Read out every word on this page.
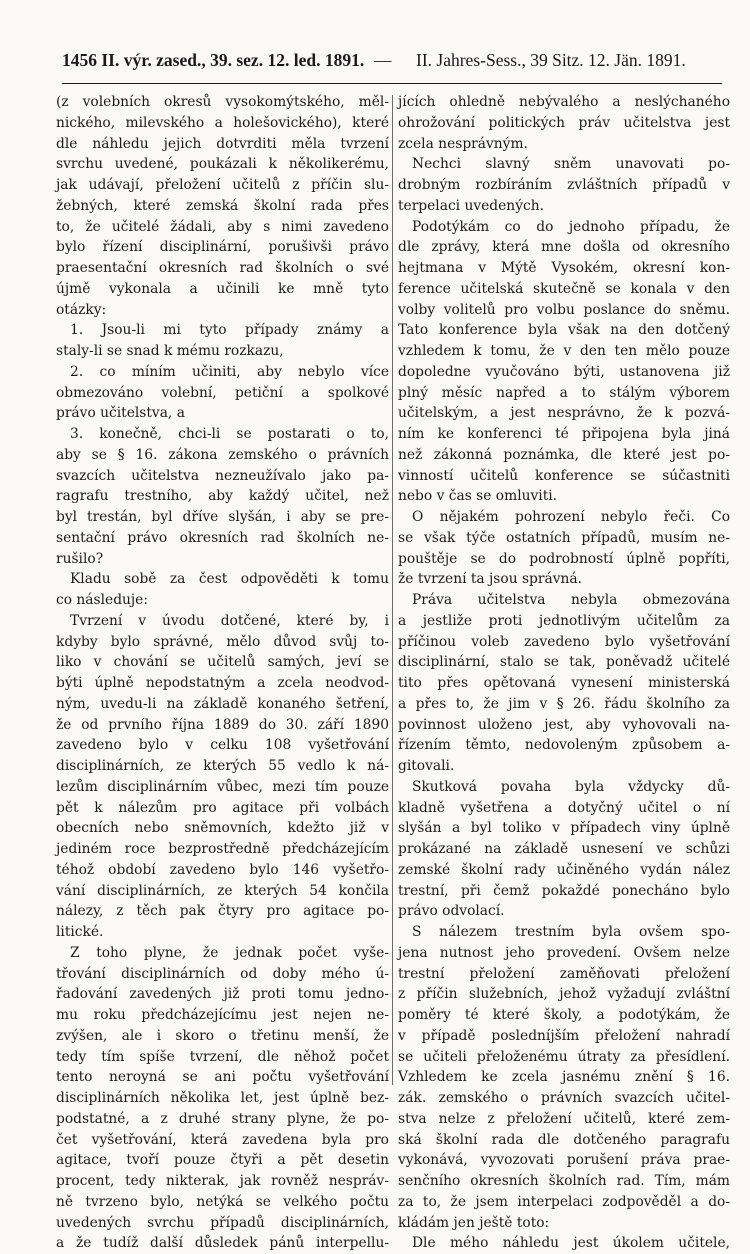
1456 II. výr. zased., 39. sez. 12. led. 1891. — II. Jahres-Sess., 39 Sitz. 12. Jän. 1891.
(z volebních okresů vysokomýtského, měl-
nického, milevského a holešovického), které
dle náhledu jejich dotvrditi měla tvrzení
svrchu uvedené, poukázali k několikerému,
jak udávají, přeložení učitelů z příčin slu-
žebných, které zemská školní rada přes
to, že učitelé žádali, aby s nimi zavedeno
bylo řízení disciplinární, porušivši právo
praesentační okresních rad školních o své
újmě vykonala a učinili ke mně tyto
otázky:
1. Jsou-li mi tyto případy známy a
staly-li se snad k mému rozkazu,
2. co míním učiniti, aby nebylo více
obmezováno volební, petiční a spolkové
právo učitelstva, a
3. konečně, chci-li se postarati o to,
aby se § 16. zákona zemského o právních
svazcích učitelstva nezneužívalo jako pa-
ragrafu trestního, aby každý učitel, než
byl trestán, byl dříve slyšán, i aby se pre-
sentační právo okresních rad školních ne-
rušilo?
Kladu sobě za čest odpověděti k tomu
co následuje:
Tvrzení v úvodu dotčené, které by, i
kdyby bylo správné, mělo důvod svůj to-
liko v chování se učitelů samých, jeví se
býti úplně nepodstatným a zcela neodvod-
ným, uvedu-li na základě konaného šetření,
že od prvního října 1889 do 30. září 1890
zavedeno bylo v celku 108 vyšetřování
disciplinárních, ze kterých 55 vedlo k ná-
lezům disciplinárním vůbec, mezi tím pouze
pět k nálezům pro agitace při volbách
obecních nebo sněmovních, kdežto již v
jediném roce bezprostředně předcházejícím
téhož období zavedeno bylo 146 vyšetřo-
vání disciplinárních, ze kterých 54 končila
nálezy, z těch pak čtyry pro agitace po-
litické.
Z toho plyne, že jednak počet vyše-
třování disciplinárních od doby mého ú-
řadování zavedených již proti tomu jedno-
mu roku předcházejícímu jest nejen ne-
zvýšen, ale i skoro o třetinu menší, že
tedy tím spíše tvrzení, dle něhož počet
tento neroyná se ani počtu vyšetřování
disciplinárních několika let, jest úplně bez-
podstatné, a z druhé strany plyne, že po-
čet vyšetřování, která zavedena byla pro
agitace, tvoří pouze čtyři a pět desetin
procent, tedy nikterak, jak rovněž nespráv-
ně tvrzeno bylo, netýká se velkého počtu
uvedených svrchu případů disciplinárních,
a že tudíž další důsledek pánů interpellu-
jících ohledně nebývalého a neslýchaného
ohrožování politických práv učitelstva jest
zcela nesprávným.
Nechci slavný sněm unavovati po-
drobným rozbíráním zvláštních případů v
terpelaci uvedených.
Podotýkám co do jednoho případu, že
dle zprávy, která mne došla od okresního
hejtmana v Mýtě Vysokém, okresní kon-
ference učitelská skutečně se konala v den
volby volitelů pro volbu poslance do sněmu.
Tato konference byla však na den dotčený
vzhledem k tomu, že v den ten mělo pouze
dopoledne vyučováno býti, ustanovena již
plný měsíc napřed a to stálým výborem
učitelským, a jest nesprávno, že k pozvá-
ním ke konferenci té připojena byla jiná
než zákonná poznámka, dle které jest po-
vinností učitelů konference se súčastniti
nebo v čas se omluviti.
O nějakém pohrození nebylo řeči. Co
se však týče ostatních případů, musím ne-
pouštěje se do podrobností úplně popříti,
že tvrzení ta jsou správná.
Práva učitelstva nebyla obmezována
a jestliže proti jednotlivým učitelům za
příčinou voleb zavedeno bylo vyšetřování
disciplinární, stalo se tak, poněvadž učitelé
tito přes opětovaná vynesení ministerská
a přes to, že jim v § 26. řádu školního za
povinnost uloženo jest, aby vyhovovali na-
řízením těmto, nedovoleným způsobem a-
gitovali.
Skutková povaha byla vždycky dů-
kladně vyšetřena a dotyčný učitel o ní
slyšán a byl toliko v případech viny úplně
prokázané na základě usnesení ve schůzi
zemské školní rady učiněného vydán nález
trestní, při čemž pokaždé ponecháno bylo
právo odvolací.
S nálezem trestním byla ovšem spo-
jena nutnost jeho provedení. Ovšem nelze
trestní přeložení zaměňovati přeložení
z příčin služebních, jehož vyžadují zvláštní
poměry té které školy, a podotýkám, že
v případě posledníjším přeložení nahradí
se učiteli přeloženému útraty za přesídlení.
Vzhledem ke zcela jasnému znění § 16.
zák. zemského o právních svazcích učitel-
stva nelze z přeložení učitelů, které zem-
ská školní rada dle dotčeného paragrafu
vykonává, vyvozovati porušení práva prae-
senčního okresních školních rad. Tím, mám
za to, že jsem interpelaci zodpověděl a do-
kládám jen ještě toto:
Dle mého náhledu jest úkolem učitele,
